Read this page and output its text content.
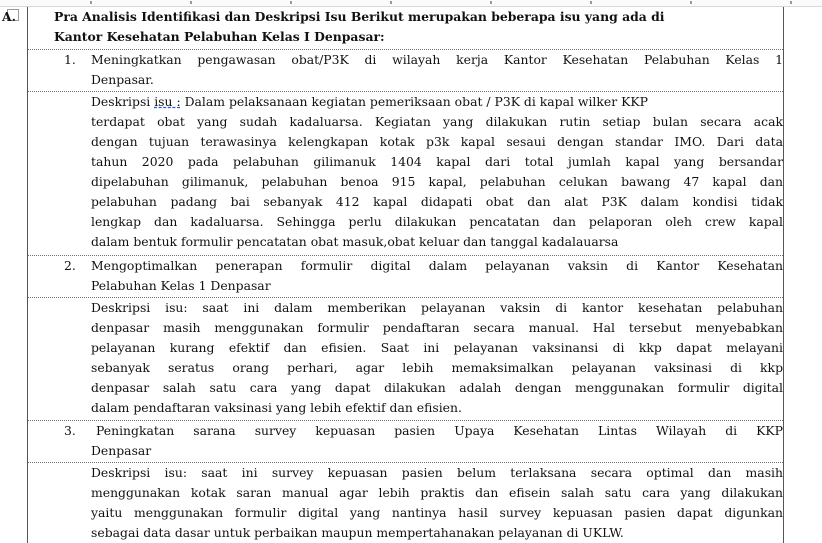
A.	Pra Analisis Identifikasi dan Deskripsi Isu Berikut merupakan beberapa isu yang ada di
Kantor Kesehatan Pelabuhan Kelas I Denpasar:
1. Meningkatkan pengawasan obat/P3K di wilayah kerja Kantor Kesehatan Pelabuhan Kelas 1
Denpasar.
Deskripsi isu : Dalam pelaksanaan kegiatan pemeriksaan obat / P3K di kapal wilker KKP
terdapat obat yang sudah kadaluarsa. Kegiatan yang dilakukan rutin setiap bulan secara acak
dengan tujuan terawasinya kelengkapan kotak p3k kapal sesaui dengan standar IMO. Dari data
tahun 2020 pada pelabuhan gilimanuk 1404 kapal dari total jumlah kapal yang bersandar
dipelabuhan gilimanuk, pelabuhan benoa 915 kapal, pelabuhan celukan bawang 47 kapal dan
pelabuhan padang bai sebanyak 412 kapal didapati obat dan alat P3K dalam kondisi tidak
lengkap dan kadaluarsa. Sehingga perlu dilakukan pencatatan dan pelaporan oleh crew kapal
dalam bentuk formulir pencatatan obat masuk,obat keluar dan tanggal kadalauarsa
2. Mengoptimalkan penerapan formulir digital dalam pelayanan vaksin di Kantor Kesehatan
Pelabuhan Kelas 1 Denpasar
Deskripsi isu: saat ini dalam memberikan pelayanan vaksin di kantor kesehatan pelabuhan
denpasar masih menggunakan formulir pendaftaran secara manual. Hal tersebut menyebabkan
pelayanan kurang efektif dan efisien. Saat ini pelayanan vaksinansi di kkp dapat melayani
sebanyak seratus orang perhari, agar lebih memaksimalkan pelayanan vaksinasi di kkp
denpasar salah satu cara yang dapat dilakukan adalah dengan menggunakan formulir digital
dalam pendaftaran vaksinasi yang lebih efektif dan efisien.
3. Peningkatan sarana survey kepuasan pasien Upaya Kesehatan Lintas Wilayah di KKP
Denpasar
Deskripsi isu: saat ini survey kepuasan pasien belum terlaksana secara optimal dan masih
menggunakan kotak saran manual agar lebih praktis dan efisein salah satu cara yang dilakukan
yaitu menggunakan formulir digital yang nantinya hasil survey kepuasan pasien dapat digunkan
sebagai data dasar untuk perbaikan maupun mempertahanakan pelayanan di UKLW.
